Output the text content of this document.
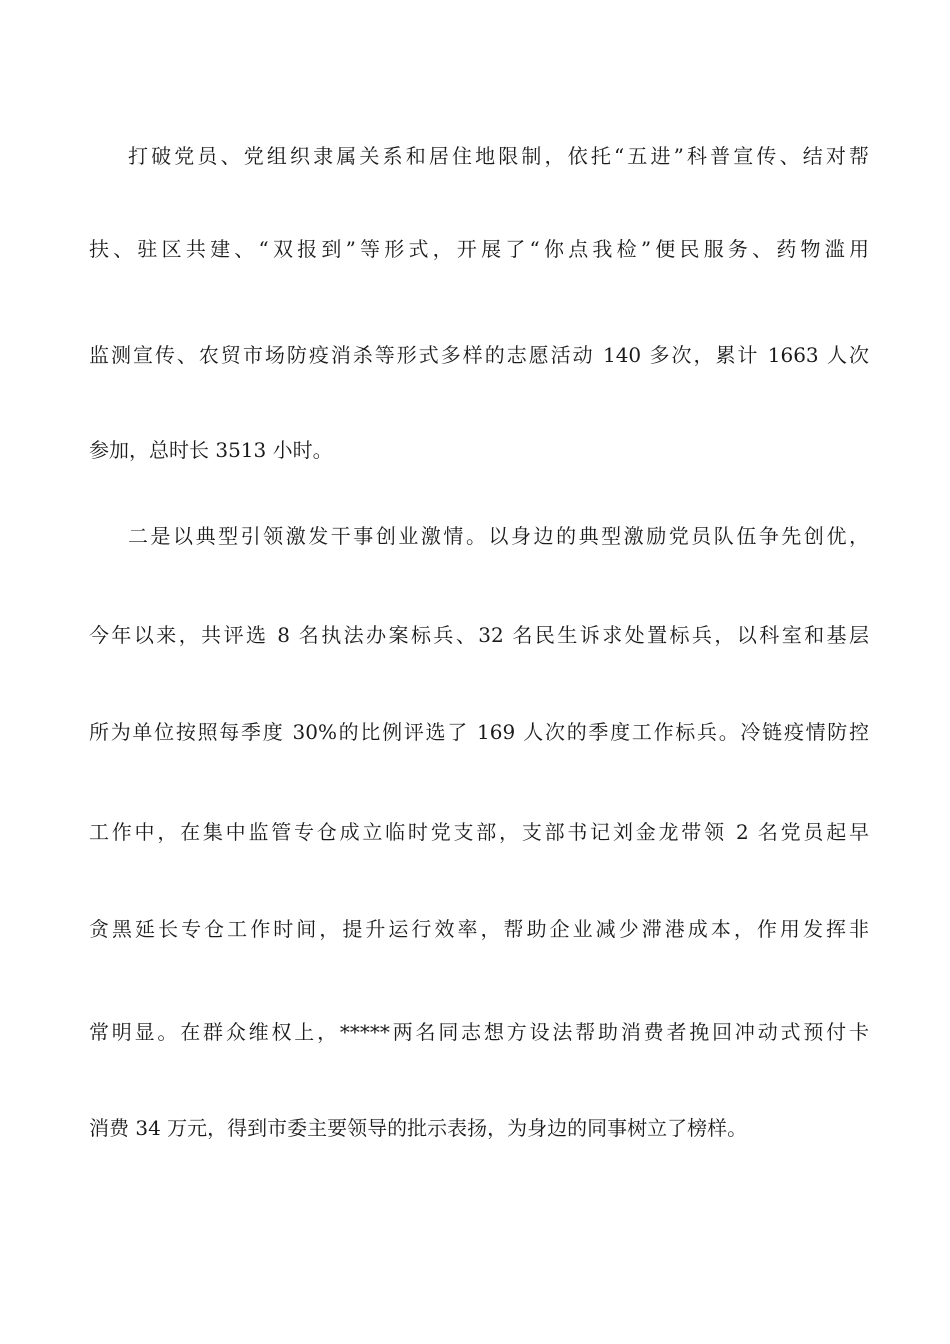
打破党员、党组织隶属关系和居住地限制，依托“五进”科普宣传、结对帮
扶、驻区共建、“双报到”等形式，开展了“你点我检”便民服务、药物滥用
监测宣传、农贸市场防疫消杀等形式多样的志愿活动 140 多次，累计 1663 人次
参加，总时长 3513 小时。
二是以典型引领激发干事创业激情。以身边的典型激励党员队伍争先创优，
今年以来，共评选 8 名执法办案标兵、32 名民生诉求处置标兵，以科室和基层
所为单位按照每季度 30%的比例评选了 169 人次的季度工作标兵。冷链疫情防控
工作中，在集中监管专仓成立临时党支部，支部书记刘金龙带领 2 名党员起早
贪黑延长专仓工作时间，提升运行效率，帮助企业减少滞港成本，作用发挥非
常明显。在群众维权上，*****两名同志想方设法帮助消费者挽回冲动式预付卡
消费 34 万元，得到市委主要领导的批示表扬，为身边的同事树立了榜样。
